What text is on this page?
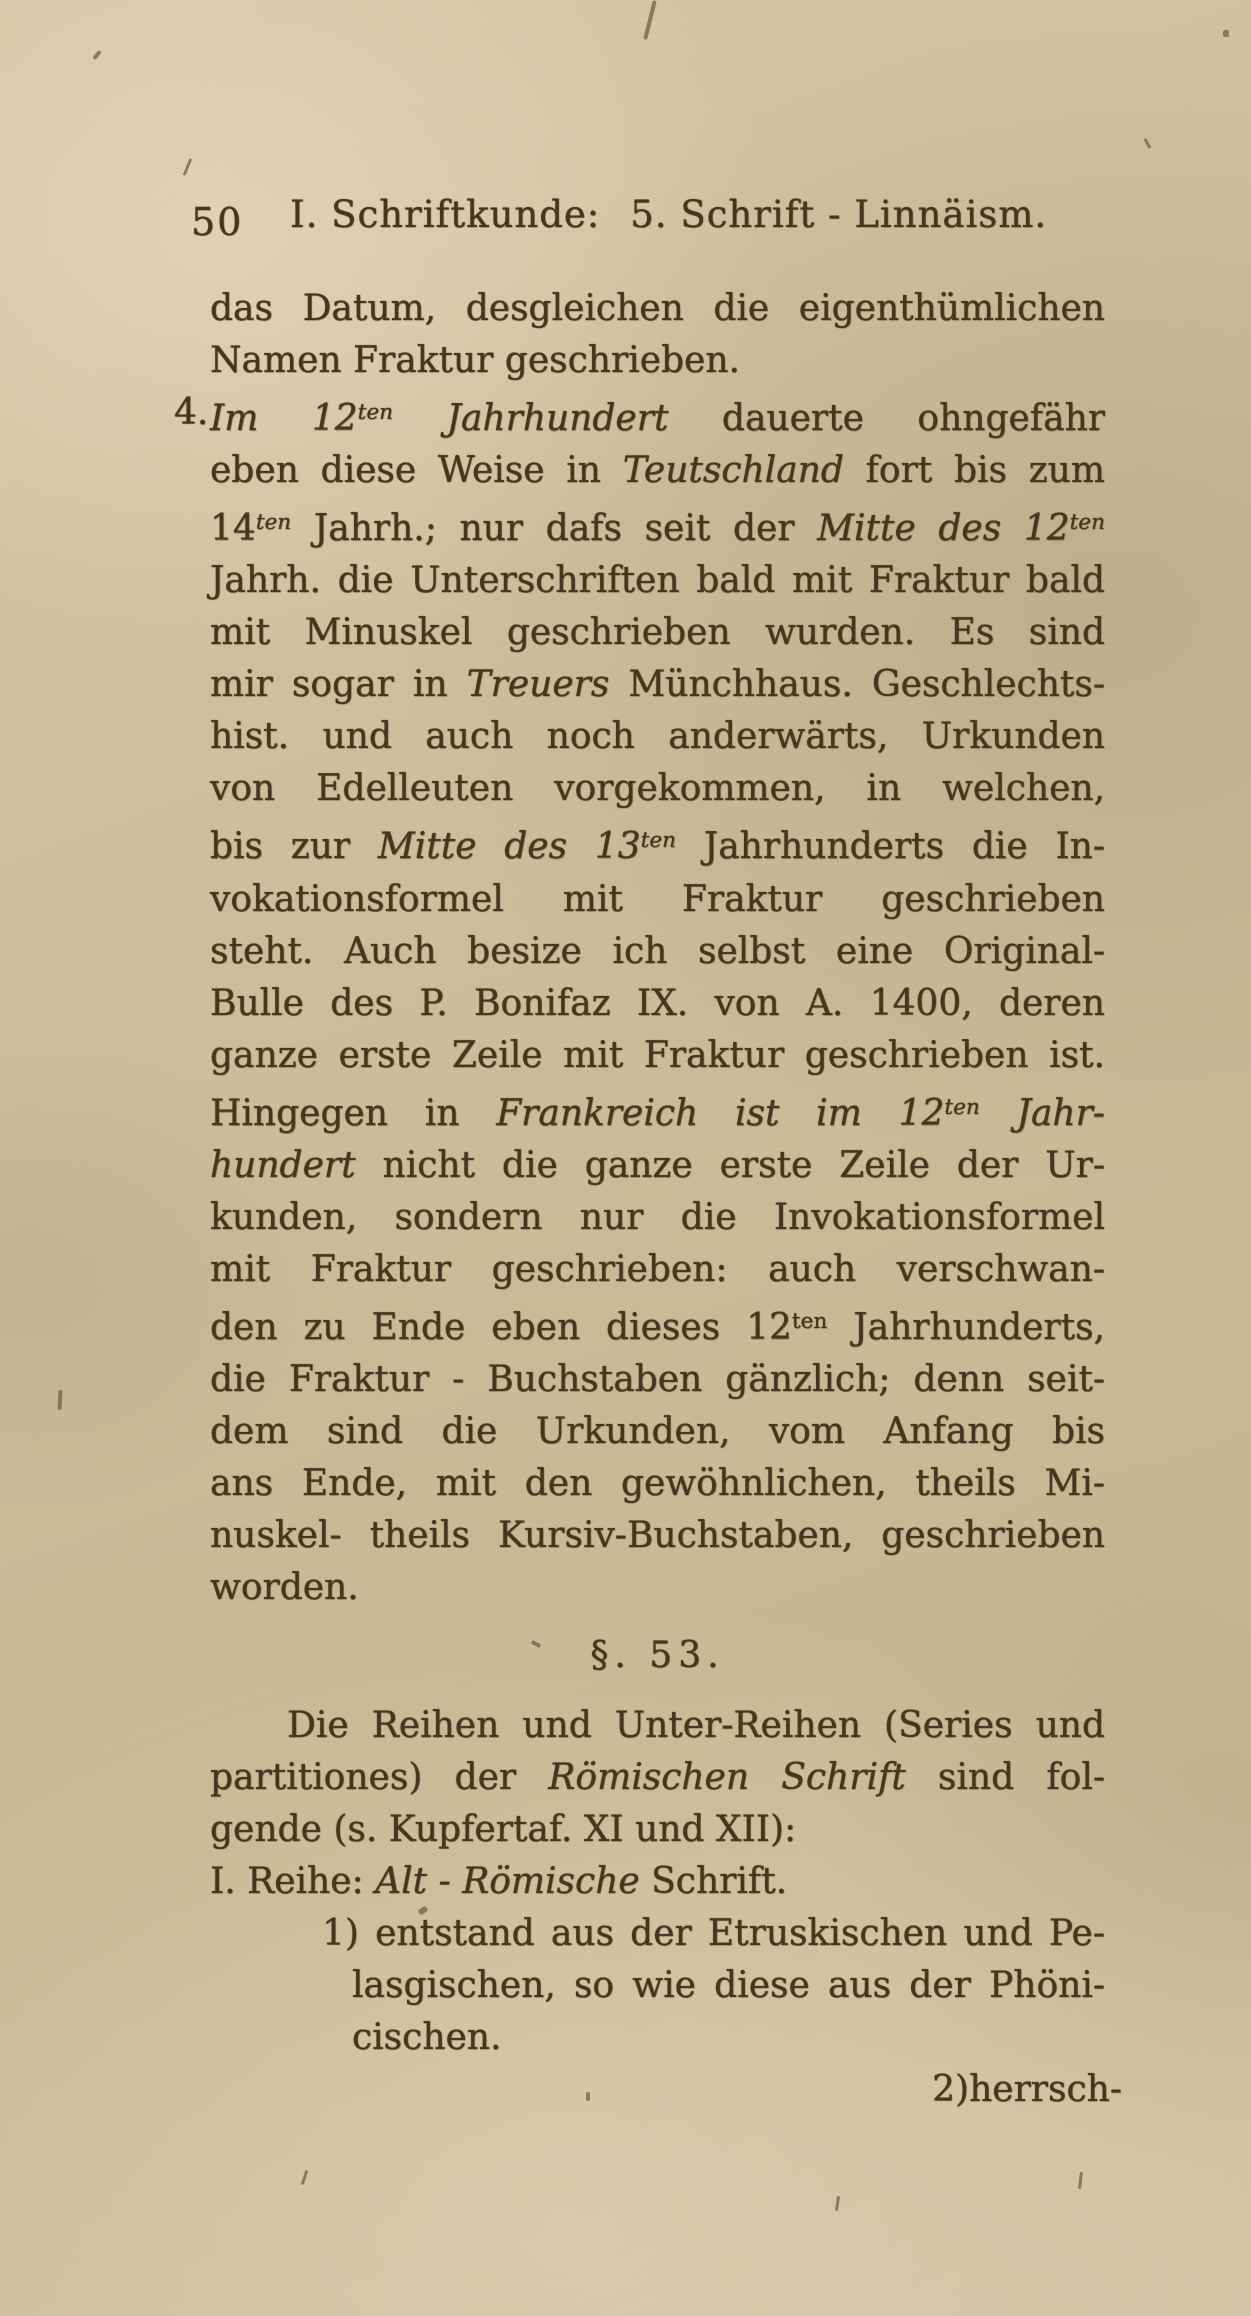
50 I. Schriftkunde: 5. Schrift - Linnäism.
das Datum, desgleichen die eigenthümlichen
Namen Fraktur geschrieben.
4. Im $12^{ten}$ Jahrhundert dauerte ohngefähr
eben diese Weise in Teutschland fort bis zum
$14^{ten}$ Jahrh.; nur dafs seit der Mitte des $12^{ten}$
Jahrh. die Unterschriften bald mit Fraktur bald
mit Minuskel geschrieben wurden. Es sind
mir sogar in Treuers Münchhaus. Geschlechts-
hist. und auch noch anderwärts, Urkunden
von Edelleuten vorgekommen, in welchen,
bis zur Mitte des $13^{ten}$ Jahrhunderts die In-
vokationsformel mit Fraktur geschrieben
steht. Auch besize ich selbst eine Original-
Bulle des P. Bonifaz IX. von A. 1400, deren
ganze erste Zeile mit Fraktur geschrieben ist.
Hingegen in Frankreich ist im $12^{ten}$ Jahr-
hundert nicht die ganze erste Zeile der Ur-
kunden, sondern nur die Invokationsformel
mit Fraktur geschrieben: auch verschwan-
den zu Ende eben dieses $12^{ten}$ Jahrhunderts,
die Fraktur - Buchstaben gänzlich; denn seit-
dem sind die Urkunden, vom Anfang bis
ans Ende, mit den gewöhnlichen, theils Mi-
nuskel- theils Kursiv-Buchstaben, geschrieben
worden.
§. 53.
Die Reihen und Unter-Reihen (Series und
partitiones) der Römischen Schrift sind fol-
gende (s. Kupfertaf. XI und XII):
I. Reihe: Alt - Römische Schrift.
1) entstand aus der Etruskischen und Pe-
lasgischen, so wie diese aus der Phöni-
cischen.
2)herrsch-
